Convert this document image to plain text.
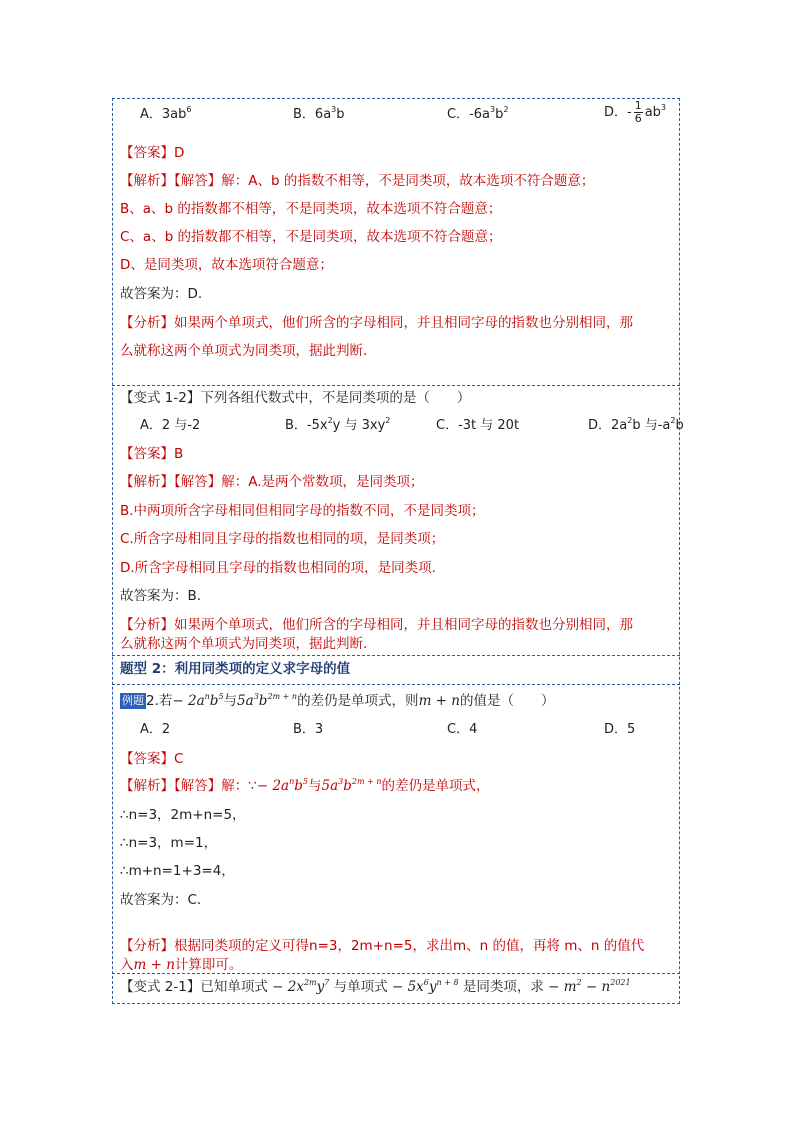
A．$3ab^6$	B．$6a^3b$	C．$-6a^3b^2$	D．- $\frac{1}{6} ab^3$
【答案】D
【解析】【解答】解：A、b 的指数不相等，不是同类项，故本选项不符合题意；
B、a、b 的指数都不相等，不是同类项，故本选项不符合题意；
C、a、b 的指数都不相等，不是同类项，故本选项不符合题意；
D、是同类项，故本选项符合题意；
故答案为：D.
【分析】如果两个单项式，他们所含的字母相同，并且相同字母的指数也分别相同，那
么就称这两个单项式为同类项，据此判断.
【变式 1-2】下列各组代数式中，不是同类项的是（　　）
A．2 与-2	B．$-5x^2y$ 与 $3xy^2$	C．-3t 与 20t	D．$2a^2b$ 与$-a^2b$
【答案】B
【解析】【解答】解：A.是两个常数项，是同类项；
B.中两项所含字母相同但相同字母的指数不同，不是同类项；
C.所含字母相同且字母的指数也相同的项，是同类项；
D.所含字母相同且字母的指数也相同的项，是同类项.
故答案为：B.
【分析】如果两个单项式，他们所含的字母相同，并且相同字母的指数也分别相同，那
么就称这两个单项式为同类项，据此判断.
题型 2：利用同类项的定义求字母的值
例题 2.若− $2a^nb^5$与$5a^3b^{2m + n}$的差仍是单项式，则m + n的值是（　　）
A．2	B．3	C．4	D．5
【答案】C
【解析】【解答】解：∵− $2a^nb^5$与$5a^3b^{2m + n}$的差仍是单项式，
∴n=3，2m+n=5，
∴n=3，m=1，
∴m+n=1+3=4，
故答案为：C.
【分析】根据同类项的定义可得n=3，2m+n=5，求出m、n 的值，再将 m、n 的值代
入m + n计算即可。
【变式 2-1】已知单项式 − $2x^{2m}y^7$ 与单项式 − $5x^6y^{n + 8}$ 是同类项，求 − $m^2 - n^{2021}$
